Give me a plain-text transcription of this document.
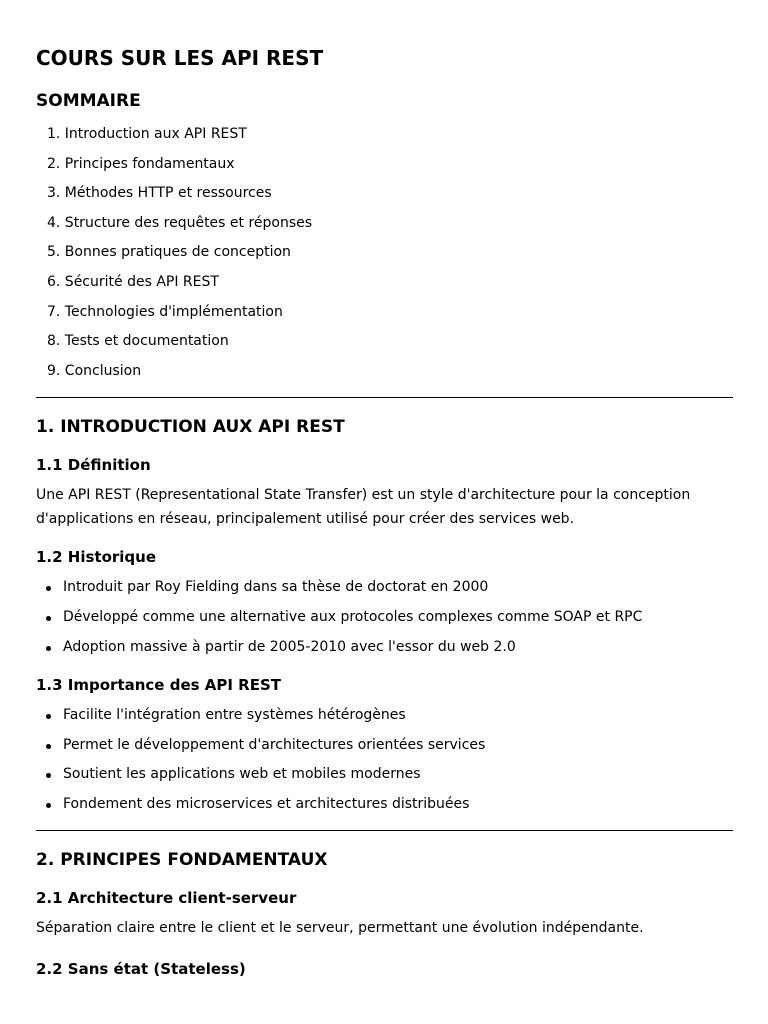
COURS SUR LES API REST
SOMMAIRE
1. Introduction aux API REST
2. Principes fondamentaux
3. Méthodes HTTP et ressources
4. Structure des requêtes et réponses
5. Bonnes pratiques de conception
6. Sécurité des API REST
7. Technologies d'implémentation
8. Tests et documentation
9. Conclusion
1. INTRODUCTION AUX API REST
1.1 Définition

Une API REST (Representational State Transfer) est un style d'architecture pour la conception d'applications en réseau, principalement utilisé pour créer des services web.

1.2 Historique
Introduit par Roy Fielding dans sa thèse de doctorat en 2000
Développé comme une alternative aux protocoles complexes comme SOAP et RPC
Adoption massive à partir de 2005-2010 avec l'essor du web 2.0
1.3 Importance des API REST
Facilite l'intégration entre systèmes hétérogènes
Permet le développement d'architectures orientées services
Soutient les applications web et mobiles modernes
Fondement des microservices et architectures distribuées
2. PRINCIPES FONDAMENTAUX
2.1 Architecture client-serveur

Séparation claire entre le client et le serveur, permettant une évolution indépendante.

2.2 Sans état (Stateless)
